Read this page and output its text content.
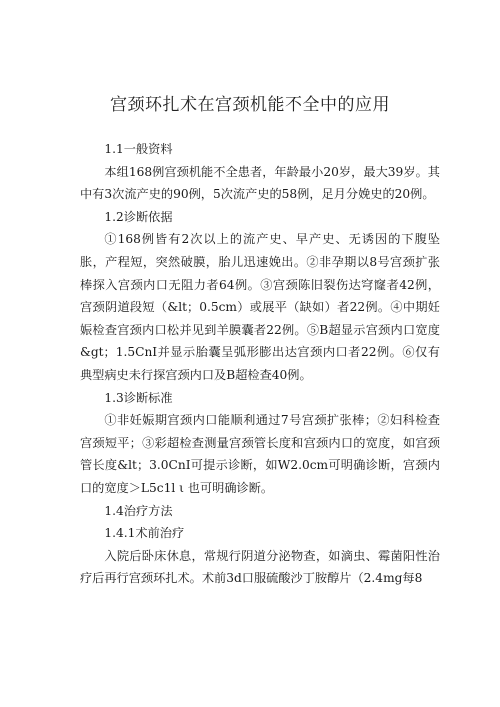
宫颈环扎术在宫颈机能不全中的应用

1.1一般资料

本组168例宫颈机能不全患者，年龄最小20岁，最大39岁。其中有3次流产史的90例，5次流产史的58例，足月分娩史的20例。

1.2诊断依据

①168例皆有2次以上的流产史、早产史、无诱因的下腹坠胀，产程短，突然破膜，胎儿迅速娩出。②非孕期以8号宫颈扩张棒探入宫颈内口无阻力者64例。③宫颈陈旧裂伤达穹窿者42例，宫颈阴道段短（&lt；0.5cm）或展平（缺如）者22例。④中期妊娠检查宫颈内口松并见到羊膜囊者22例。⑤B超显示宫颈内口宽度&gt；1.5CnI并显示胎囊呈弧形膨出达宫颈内口者22例。⑥仅有典型病史未行探宫颈内口及B超检查40例。

1.3诊断标准

①非妊娠期宫颈内口能顺利通过7号宫颈扩张棒；②妇科检查宫颈短平；③彩超检查测量宫颈管长度和宫颈内口的宽度，如宫颈管长度&lt；3.0CnI可提示诊断，如W2.0cm可明确诊断，宫颈内口的宽度＞L5c1l ι 也可明确诊断。

1.4治疗方法

1.4.1术前治疗

入院后卧床休息，常规行阴道分泌物查，如滴虫、霉菌阳性治疗后再行宫颈环扎术。术前3d口服硫酸沙丁胺醇片（2.4mg每8
